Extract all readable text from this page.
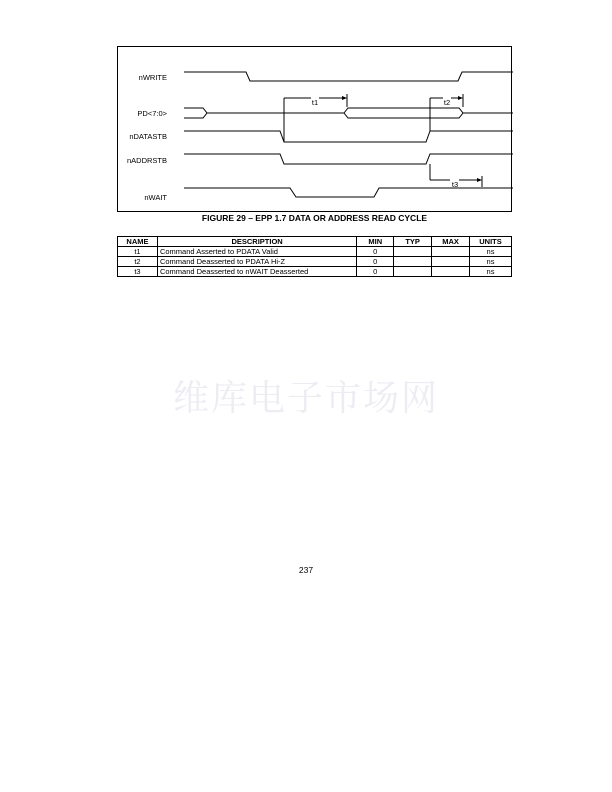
nWRITE
PD<7:0>
nDATASTB
nADDRSTB
nWAIT
t1	t2
t3
FIGURE 29 – EPP 1.7 DATA OR ADDRESS READ CYCLE
NAME	DESCRIPTION	MIN	TYP	MAX	UNITS
t1	Command Asserted to PDATA Valid	0			ns
t2	Command Deasserted to PDATA Hi-Z	0			ns
t3	Command Deasserted to nWAIT Deasserted	0			ns
维库电子市场网
237
